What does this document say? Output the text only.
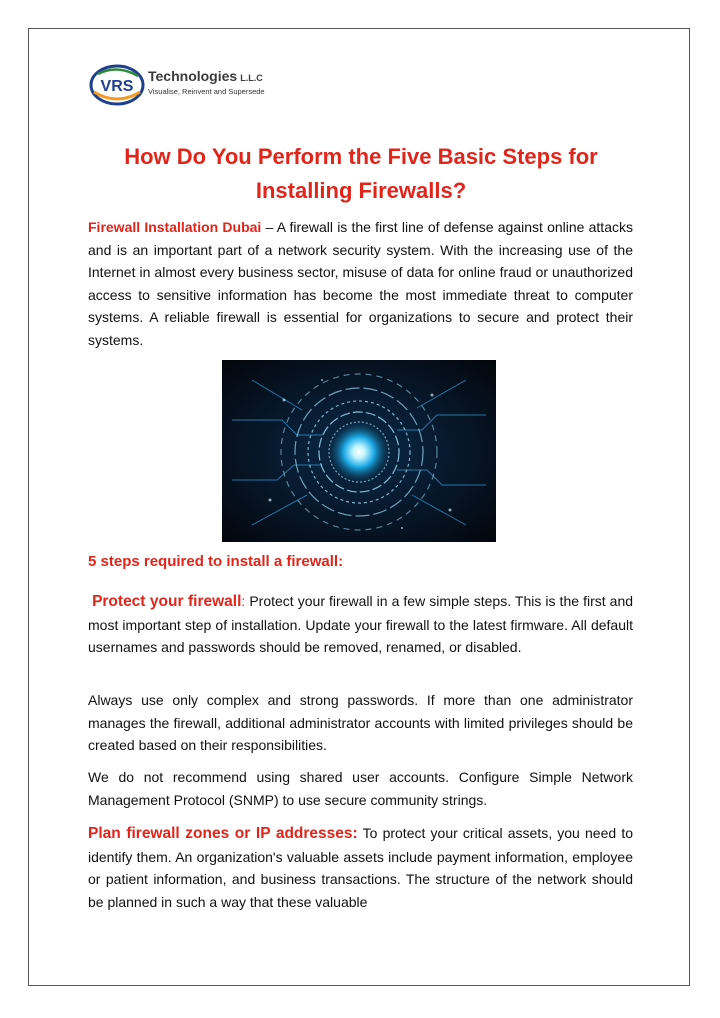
VRS
Technologies L.L.C
Visualise, Reinvent and Supersede
How Do You Perform the Five Basic Steps for Installing Firewalls?

Firewall Installation Dubai – A firewall is the first line of defense against online attacks and is an important part of a network security system. With the increasing use of the Internet in almost every business sector, misuse of data for online fraud or unauthorized access to sensitive information has become the most immediate threat to computer systems. A reliable firewall is essential for organizations to secure and protect their systems.

5 steps required to install a firewall:

Protect your firewall: Protect your firewall in a few simple steps. This is the first and most important step of installation. Update your firewall to the latest firmware. All default usernames and passwords should be removed, renamed, or disabled.

Always use only complex and strong passwords. If more than one administrator manages the firewall, additional administrator accounts with limited privileges should be created based on their responsibilities.

We do not recommend using shared user accounts. Configure Simple Network Management Protocol (SNMP) to use secure community strings.

Plan firewall zones or IP addresses: To protect your critical assets, you need to identify them. An organization's valuable assets include payment information, employee or patient information, and business transactions. The structure of the network should be planned in such a way that these valuable
